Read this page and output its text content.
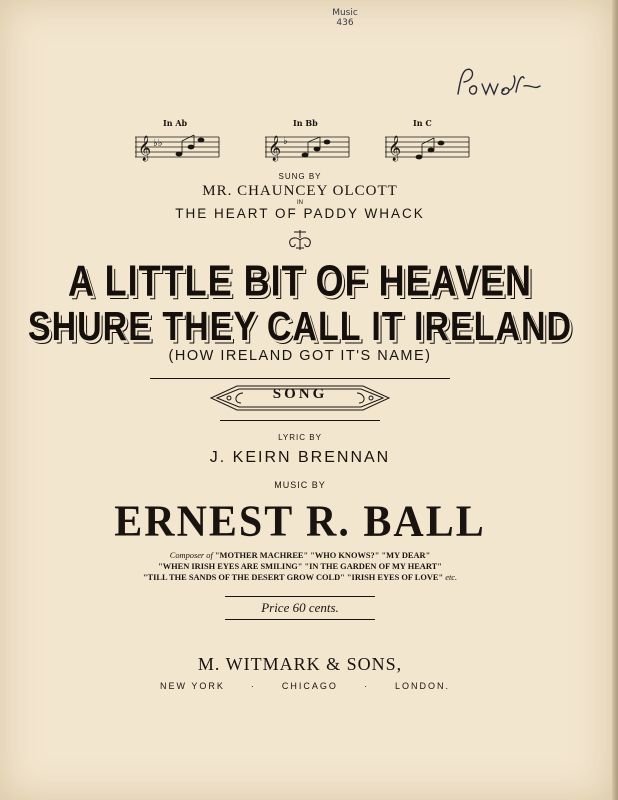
Music
436
In Ab
𝄞 ♭♭
In Bb
𝄞 ♭
In C
𝄞
SUNG BY
MR. CHAUNCEY OLCOTT
IN
THE HEART OF PADDY WHACK
A LITTLE BIT OF HEAVEN
SHURE THEY CALL IT IRELAND
(HOW IRELAND GOT IT'S NAME)
SONG
LYRIC BY
J. KEIRN BRENNAN
MUSIC BY
ERNEST R. BALL
Composer of "MOTHER MACHREE" "WHO KNOWS?" "MY DEAR"
"WHEN IRISH EYES ARE SMILING" "IN THE GARDEN OF MY HEART"
"TILL THE SANDS OF THE DESERT GROW COLD" "IRISH EYES OF LOVE" etc.
Price 60 cents.
M. WITMARK & SONS,
NEW YORK	·	CHICAGO	·	LONDON.
